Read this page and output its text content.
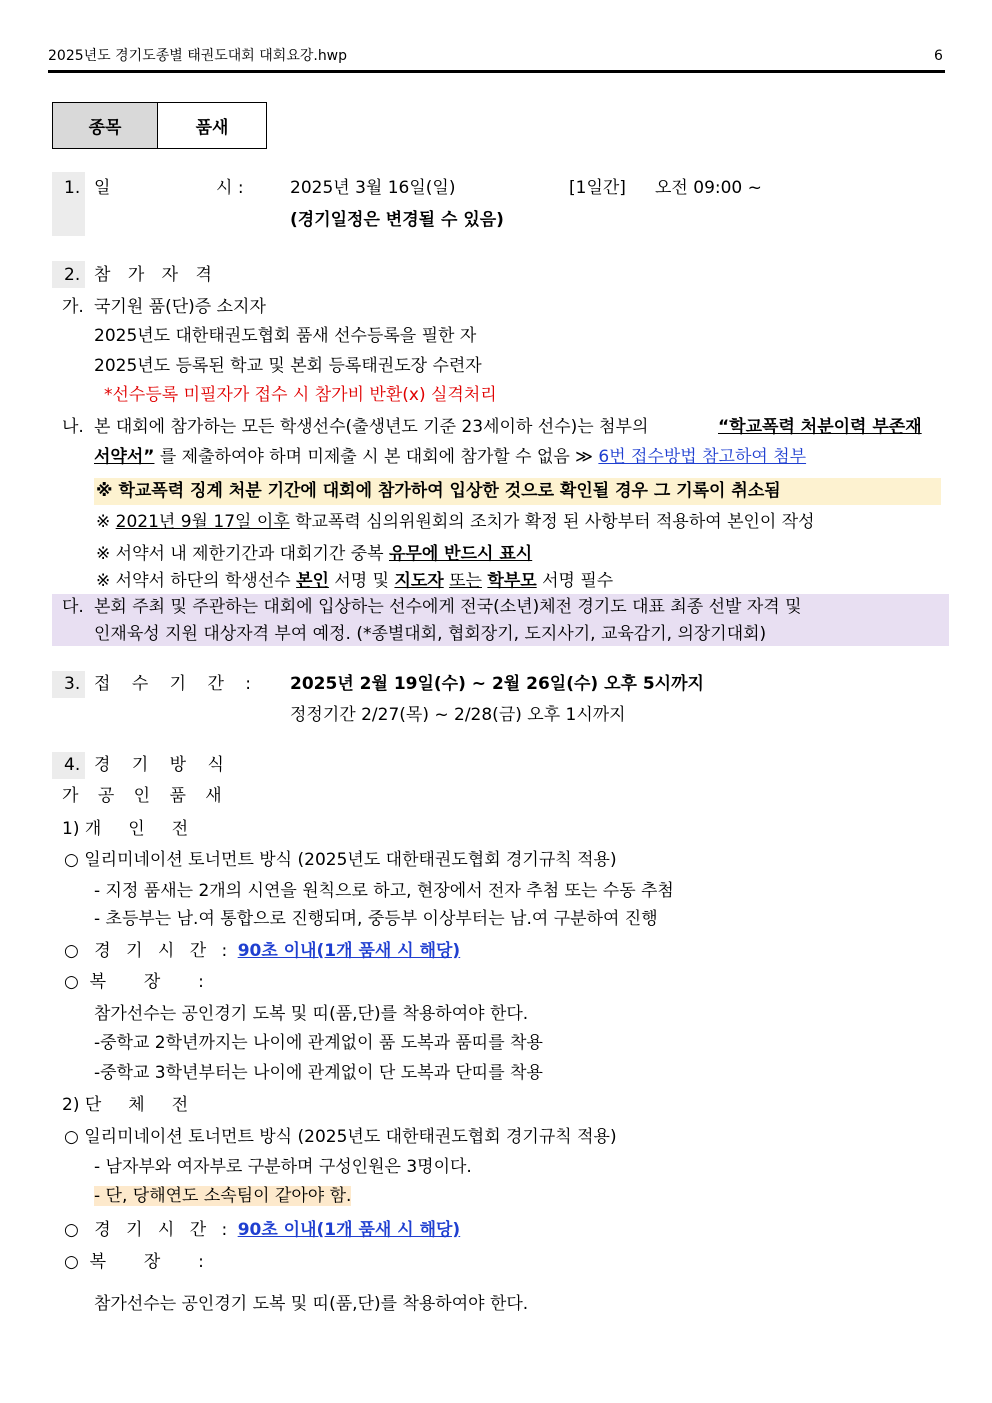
2025년도 경기도종별 태권도대회 대회요강.hwp	6
종목	품새
1. 일	시 :	2025년 3월 16일(일)	[1일간] 오전 09:00 ~
(경기일정은 변경될 수 있음)
2. 참 가 자 격
가. 국기원 품(단)증 소지자
2025년도 대한태권도협회 품새 선수등록을 필한 자
2025년도 등록된 학교 및 본회 등록태권도장 수련자
*선수등록 미필자가 접수 시 참가비 반환(x) 실격처리
나. 본 대회에 참가하는 모든 학생선수(출생년도 기준 23세이하 선수)는 첨부의	“학교폭력 처분이력 부존재
서약서” 를 제출하여야 하며 미제출 시 본 대회에 참가할 수 없음 ≫ 6번 접수방법 참고하여 첨부
※ 학교폭력 징계 처분 기간에 대회에 참가하여 입상한 것으로 확인될 경우 그 기록이 취소됨
※ 2021년 9월 17일 이후 학교폭력 심의위원회의 조치가 확정 된 사항부터 적용하여 본인이 작성
※ 서약서 내 제한기간과 대회기간 중복 유무에 반드시 표시
※ 서약서 하단의 학생선수 본인 서명 및 지도자 또는 학부모 서명 필수
다. 본회 주최 및 주관하는 대회에 입상하는 선수에게 전국(소년)체전 경기도 대표 최종 선발 자격 및
인재육성 지원 대상자격 부여 예정. (*종별대회, 협회장기, 도지사기, 교육감기, 의장기대회)
3. 접 수 기 간 : 2025년 2월 19일(수) ~ 2월 26일(수) 오후 5시까지
정정기간 2/27(목) ~ 2/28(금) 오후 1시까지
4. 경 기 방 식
가 공 인 품 새
1) 개     인     전
○ 일리미네이션 토너먼트 방식 (2025년도 대한태권도협회 경기규칙 적용)
- 지정 품새는 2개의 시연을 원칙으로 하고, 현장에서 전자 추첨 또는 수동 추첨
- 초등부는 남.여 통합으로 진행되며, 중등부 이상부터는 남.여 구분하여 진행
○ 경 기 시 간 : 90초 이내(1개 품새 시 해당)
○  복       장       :
참가선수는 공인경기 도복 및 띠(품,단)를 착용하여야 한다.
-중학교 2학년까지는 나이에 관계없이 품 도복과 품띠를 착용
-중학교 3학년부터는 나이에 관계없이 단 도복과 단띠를 착용
2) 단     체     전
○ 일리미네이션 토너먼트 방식 (2025년도 대한태권도협회 경기규칙 적용)
- 남자부와 여자부로 구분하며 구성인원은 3명이다.
- 단, 당해연도 소속팀이 같아야 함.
○ 경 기 시 간 : 90초 이내(1개 품새 시 해당)
○  복       장       :
참가선수는 공인경기 도복 및 띠(품,단)를 착용하여야 한다.
